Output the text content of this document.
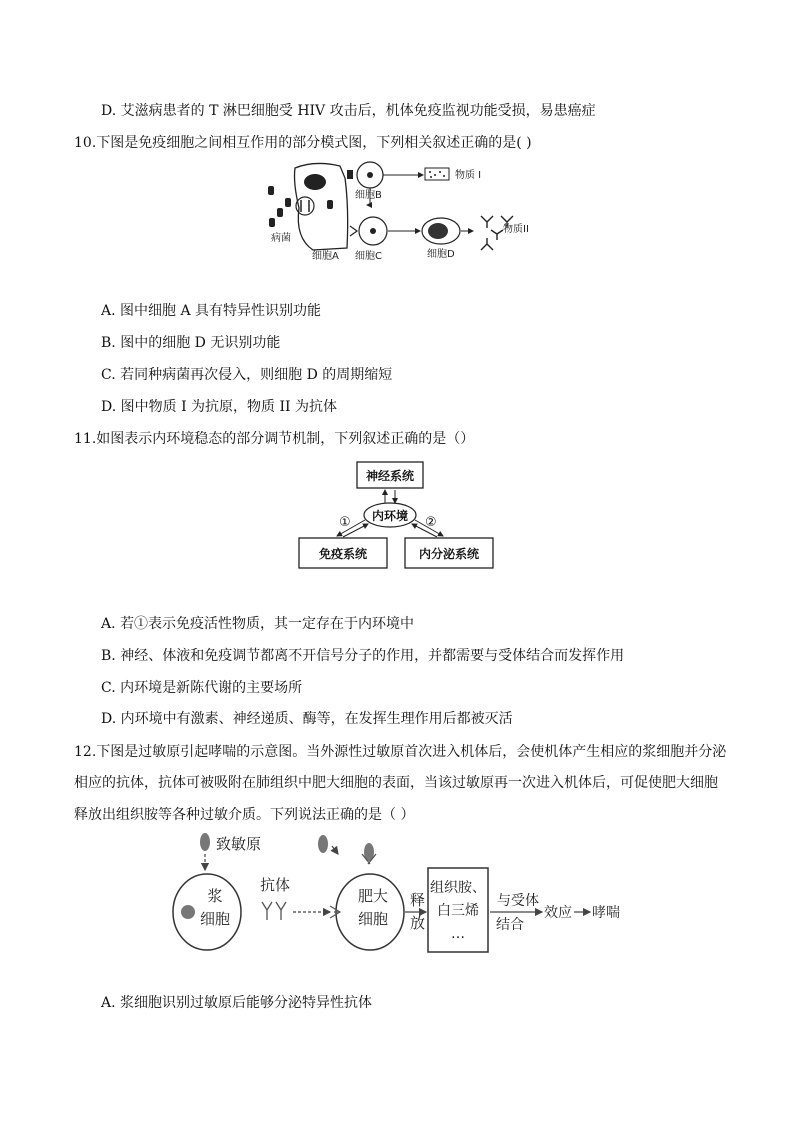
D. 艾滋病患者的 T 淋巴细胞受 HIV 攻击后，机体免疫监视功能受损，易患癌症
10.下图是免疫细胞之间相互作用的部分模式图，下列相关叙述正确的是( )
病菌
细胞A
细胞B
物质 I
细胞C	细胞D
物质II
A. 图中细胞 A 具有特异性识别功能
B. 图中的细胞 D 无识别功能
C. 若同种病菌再次侵入，则细胞 D 的周期缩短
D. 图中物质 I 为抗原，物质 II 为抗体
11.如图表示内环境稳态的部分调节机制，下列叙述正确的是（）
神经系统
内环境
免疫系统	内分泌系统
①	②
A. 若①表示免疫活性物质，其一定存在于内环境中
B. 神经、体液和免疫调节都离不开信号分子的作用，并都需要与受体结合而发挥作用
C. 内环境是新陈代谢的主要场所
D. 内环境中有激素、神经递质、酶等，在发挥生理作用后都被灭活
12.下图是过敏原引起哮喘的示意图。当外源性过敏原首次进入机体后，会使机体产生相应的浆细胞并分泌
相应的抗体，抗体可被吸附在肺组织中肥大细胞的表面，当该过敏原再一次进入机体后，可促使肥大细胞
释放出组织胺等各种过敏介质。下列说法正确的是（ ）
致敏原
浆
细胞
抗体
肥大
细胞
释
放
组织胺、
白三烯
…
与受体
结合
效应 哮喘
A. 浆细胞识别过敏原后能够分泌特异性抗体
